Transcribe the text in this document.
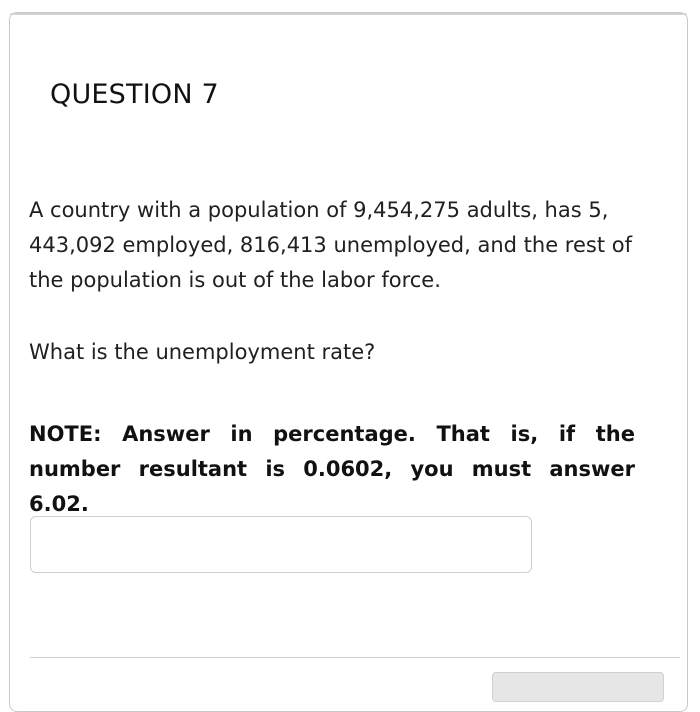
QUESTION 7
A country with a population of 9,454,275 adults, has 5, 443,092 employed, 816,413 unemployed, and the rest of the population is out of the labor force.
What is the unemployment rate?
NOTE: Answer in percentage. That is, if the number resultant is 0.0602, you must answer 6.02.
